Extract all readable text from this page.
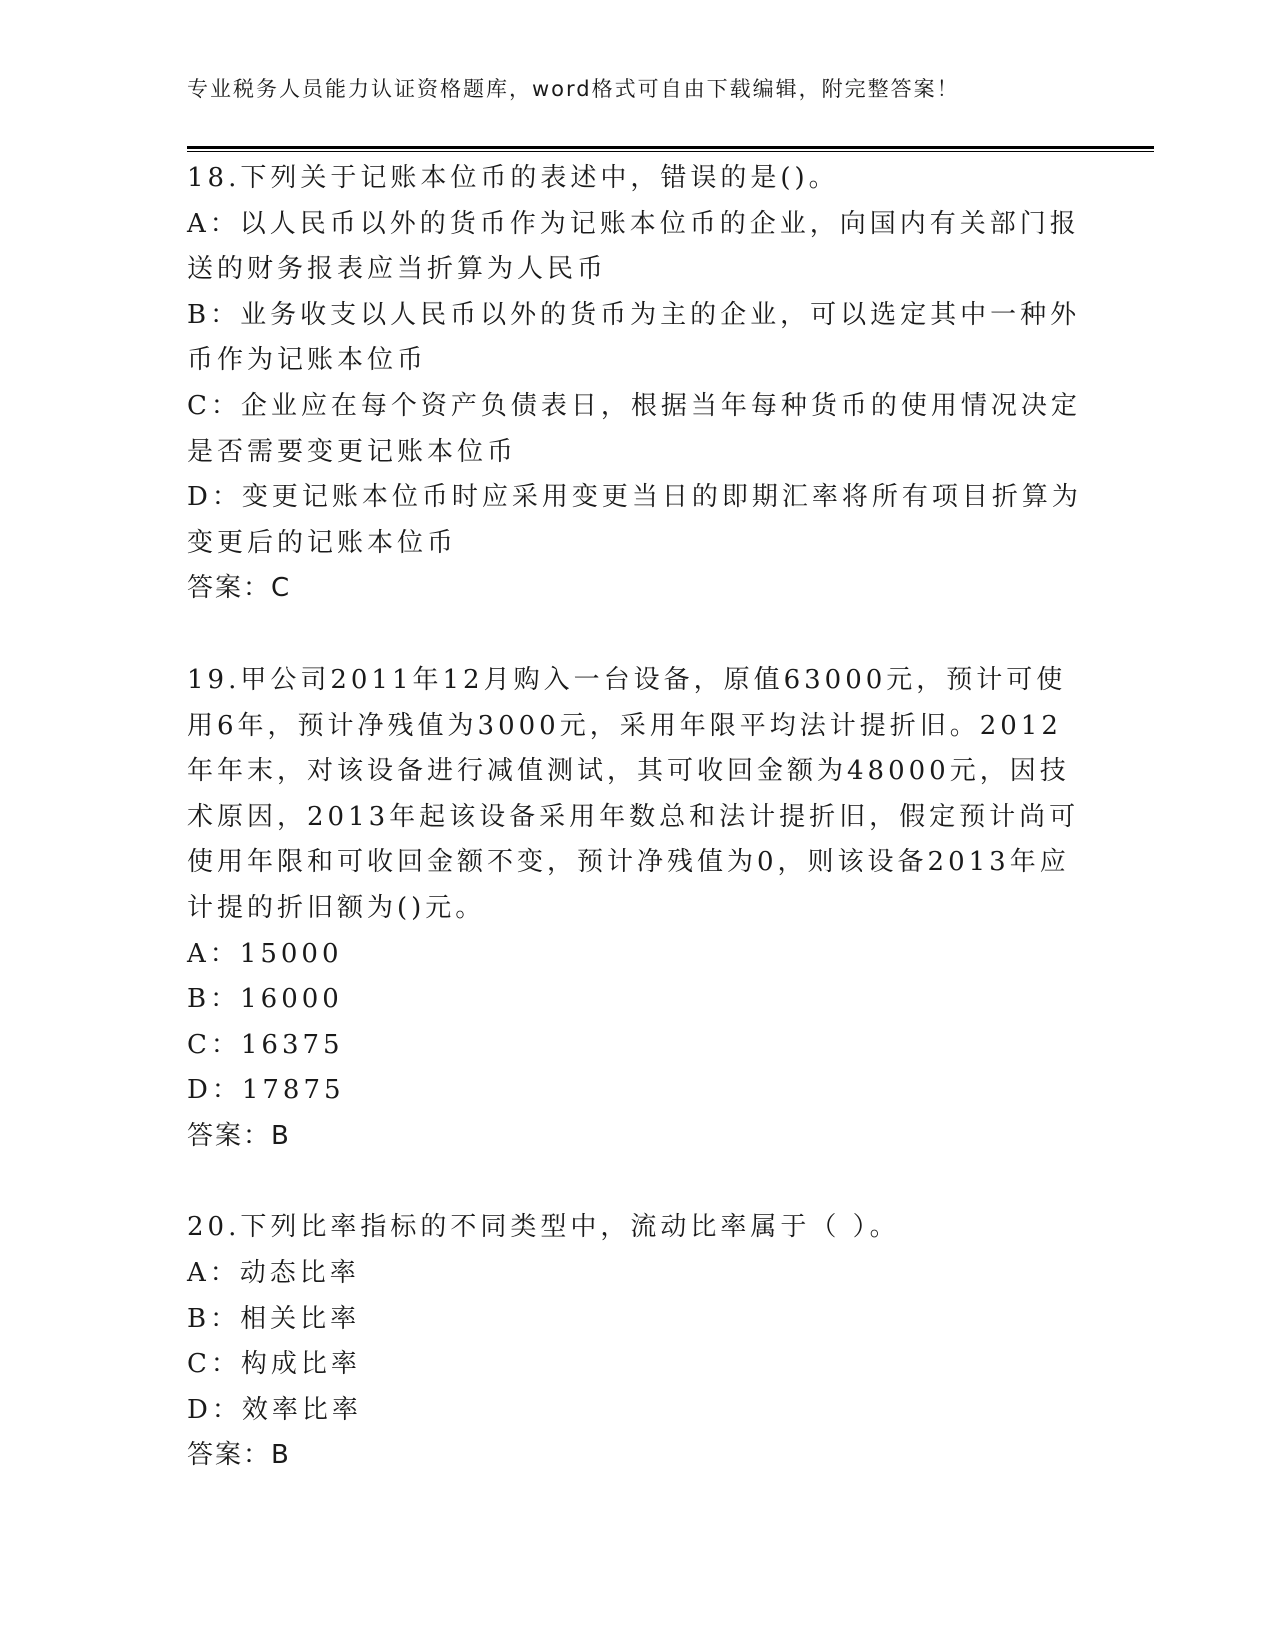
专业税务人员能力认证资格题库，word格式可自由下载编辑，附完整答案！

18.下列关于记账本位币的表述中，错误的是()。

A：以人民币以外的货币作为记账本位币的企业，向国内有关部门报送的财务报表应当折算为人民币

B：业务收支以人民币以外的货币为主的企业，可以选定其中一种外币作为记账本位币

C：企业应在每个资产负债表日，根据当年每种货币的使用情况决定是否需要变更记账本位币

D：变更记账本位币时应采用变更当日的即期汇率将所有项目折算为变更后的记账本位币

答案：C

19.甲公司2011年12月购入一台设备，原值63000元，预计可使用6年，预计净残值为3000元，采用年限平均法计提折旧。2012年年末，对该设备进行减值测试，其可收回金额为48000元，因技术原因，2013年起该设备采用年数总和法计提折旧，假定预计尚可使用年限和可收回金额不变，预计净残值为0，则该设备2013年应计提的折旧额为()元。

A：15000

B：16000

C：16375

D：17875

答案：B

20.下列比率指标的不同类型中，流动比率属于（ ）。

A：动态比率

B：相关比率

C：构成比率

D：效率比率

答案：B
